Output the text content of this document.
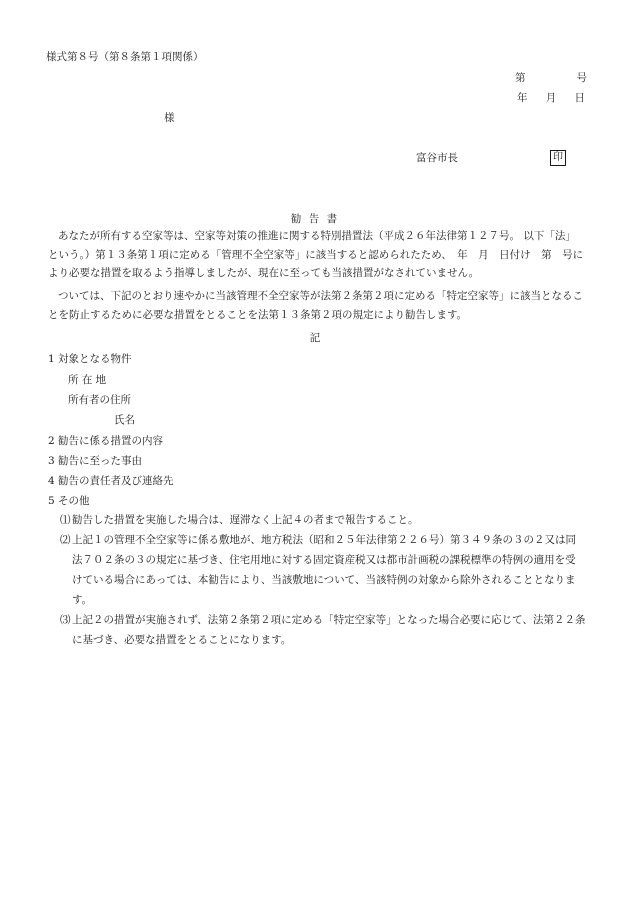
様式第８号（第８条第１項関係）
第	号
年 月 日
様
富谷市長	印
勧 告 書
あなたが所有する空家等は、空家等対策の推進に関する特別措置法（平成２６年法律第１２７号。 以下「法」という。）第１３条第１項に定める「管理不全空家等」に該当すると認められたため、　年　月　日付け　第　号により必要な措置を取るよう指導しましたが、現在に至っても当該措置がなされていません。
ついては、下記のとおり速やかに当該管理不全空家等が法第２条第２項に定める「特定空家等」に該当となることを防止するために必要な措置をとることを法第１３条第２項の規定により勧告します。
記
1 対象となる物件
所 在 地
所有者の住所
氏名
2 勧告に係る措置の内容
3 勧告に至った事由
4 勧告の責任者及び連絡先
5 その他
⑴ 勧告した措置を実施した場合は、遅滞なく上記４の者まで報告すること。
⑵ 上記１の管理不全空家等に係る敷地が、地方税法（昭和２５年法律第２２６号）第３４９条の３の２又は同法７０２条の３の規定に基づき、住宅用地に対する固定資産税又は都市計画税の課税標準の特例の適用を受けている場合にあっては、本勧告により、当該敷地について、当該特例の対象から除外されることとなります。
⑶ 上記２の措置が実施されず、法第２条第２項に定める「特定空家等」となった場合必要に応じて、法第２２条に基づき、必要な措置をとることになります。
